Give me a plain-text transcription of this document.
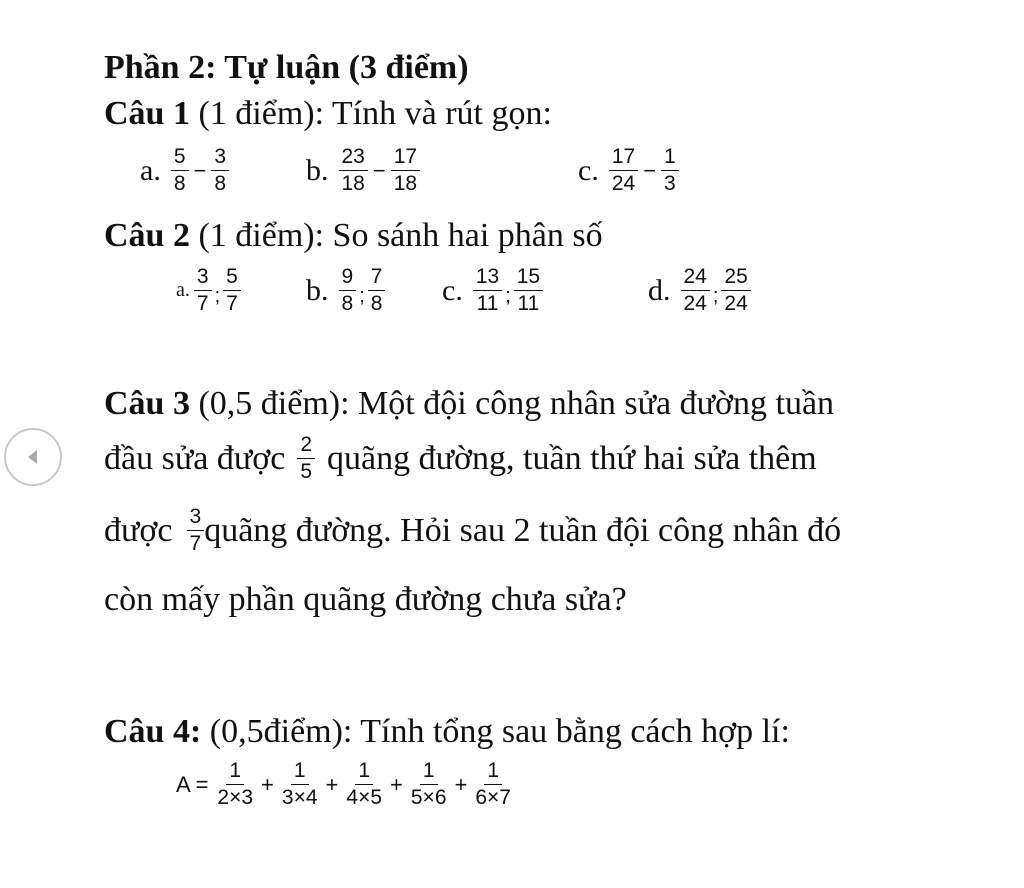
Phần 2: Tự luận (3 điểm)
Câu 1 (1 điểm): Tính và rút gọn:
a. $\frac{5}{8} - \frac{3}{8}$	b. $\frac{23}{18} - \frac{17}{18}$	c. $\frac{17}{24} - \frac{1}{3}$
Câu 2 (1 điểm): So sánh hai phân số
a. $\frac{3}{7}$ ; $\frac{5}{7} b$. $\frac{9}{8}$ ; $\frac{7}{8} c$. $\frac{13}{11}$ ; $\frac{15}{11}$	d. $\frac{24}{24}$ ; $\frac{25}{24}$
Câu 3 (0,5 điểm): Một đội công nhân sửa đường tuần
đầu sửa được $\frac{2}{5}$ quãng đường, tuần thứ hai sửa thêm
được $\frac{3}{7}$ quãng đường. Hỏi sau 2 tuần đội công nhân đó
còn mấy phần quãng đường chưa sửa?
Câu 4: (0,5điểm): Tính tổng sau bằng cách hợp lí:
$A = \frac{1}{2\times 3} + \frac{1}{3\times 4} + \frac{1}{4\times 5} + \frac{1}{5\times 6} + \frac{1}{6\times 7}$
